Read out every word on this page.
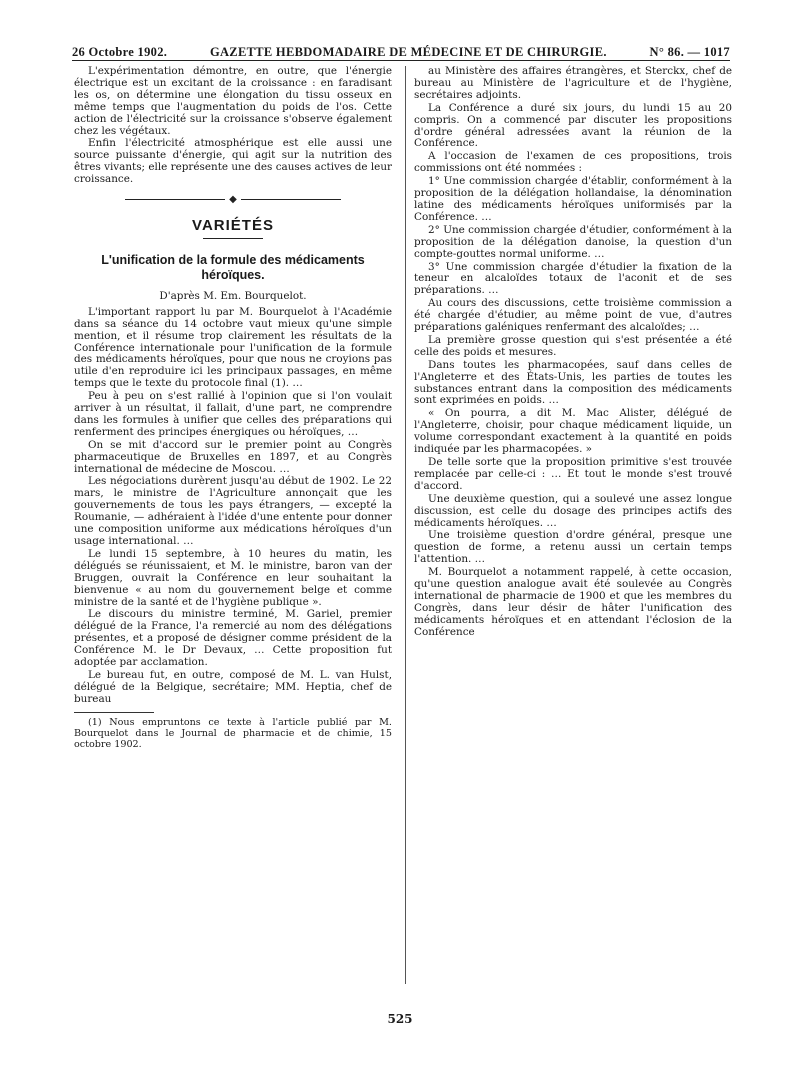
26 Octobre 1902.	GAZETTE HEBDOMADAIRE DE MÉDECINE ET DE CHIRURGIE.	N° 86. — 1017

L'expérimentation démontre, en outre, que l'énergie électrique est un excitant de la croissance : en faradisant les os, on détermine une élongation du tissu osseux en même temps que l'augmentation du poids de l'os. Cette action de l'électricité sur la croissance s'observe également chez les végétaux.

Enfin l'électricité atmosphérique est elle aussi une source puissante d'énergie, qui agit sur la nutrition des êtres vivants; elle représente une des causes actives de leur croissance.

◆
VARIÉTÉS
L'unification de la formule des médicaments héroïques.
D'après M. Em. Bourquelot.

L'important rapport lu par M. Bourquelot à l'Académie dans sa séance du 14 octobre vaut mieux qu'une simple mention, et il résume trop clairement les résultats de la Conférence internationale pour l'unification de la formule des médicaments héroïques, pour que nous ne croyions pas utile d'en reproduire ici les principaux passages, en même temps que le texte du protocole final (1). …

Peu à peu on s'est rallié à l'opinion que si l'on voulait arriver à un résultat, il fallait, d'une part, ne comprendre dans les formules à unifier que celles des préparations qui renferment des principes énergiques ou héroïques, …

On se mit d'accord sur le premier point au Congrès pharmaceutique de Bruxelles en 1897, et au Congrès international de médecine de Moscou. …

Les négociations durèrent jusqu'au début de 1902. Le 22 mars, le ministre de l'Agriculture annonçait que les gouvernements de tous les pays étrangers, — excepté la Roumanie, — adhéraient à l'idée d'une entente pour donner une composition uniforme aux médications héroïques d'un usage international. …

Le lundi 15 septembre, à 10 heures du matin, les délégués se réunissaient, et M. le ministre, baron van der Bruggen, ouvrait la Conférence en leur souhaitant la bienvenue « au nom du gouvernement belge et comme ministre de la santé et de l'hygiène publique ».

Le discours du ministre terminé, M. Gariel, premier délégué de la France, l'a remercié au nom des délégations présentes, et a proposé de désigner comme président de la Conférence M. le Dr Devaux, … Cette proposition fut adoptée par acclamation.

Le bureau fut, en outre, composé de M. L. van Hulst, délégué de la Belgique, secrétaire; MM. Heptia, chef de bureau

(1) Nous empruntons ce texte à l'article publié par M. Bourquelot dans le Journal de pharmacie et de chimie, 15 octobre 1902.

au Ministère des affaires étrangères, et Sterckx, chef de bureau au Ministère de l'agriculture et de l'hygiène, secrétaires adjoints.

La Conférence a duré six jours, du lundi 15 au 20 compris. On a commencé par discuter les propositions d'ordre général adressées avant la réunion de la Conférence.

A l'occasion de l'examen de ces propositions, trois commissions ont été nommées :

1° Une commission chargée d'établir, conformément à la proposition de la délégation hollandaise, la dénomination latine des médicaments héroïques uniformisés par la Conférence. …

2° Une commission chargée d'étudier, conformément à la proposition de la délégation danoise, la question d'un compte-gouttes normal uniforme. …

3° Une commission chargée d'étudier la fixation de la teneur en alcaloïdes totaux de l'aconit et de ses préparations. …

Au cours des discussions, cette troisième commission a été chargée d'étudier, au même point de vue, d'autres préparations galéniques renfermant des alcaloïdes; …

La première grosse question qui s'est présentée a été celle des poids et mesures.

Dans toutes les pharmacopées, sauf dans celles de l'Angleterre et des États-Unis, les parties de toutes les substances entrant dans la composition des médicaments sont exprimées en poids. …

« On pourra, a dit M. Mac Alister, délégué de l'Angleterre, choisir, pour chaque médicament liquide, un volume correspondant exactement à la quantité en poids indiquée par les pharmacopées. »

De telle sorte que la proposition primitive s'est trouvée remplacée par celle-ci : … Et tout le monde s'est trouvé d'accord.

Une deuxième question, qui a soulevé une assez longue discussion, est celle du dosage des principes actifs des médicaments héroïques. …

Une troisième question d'ordre général, presque une question de forme, a retenu aussi un certain temps l'attention. …

M. Bourquelot a notamment rappelé, à cette occasion, qu'une question analogue avait été soulevée au Congrès international de pharmacie de 1900 et que les membres du Congrès, dans leur désir de hâter l'unification des médicaments héroïques et en attendant l'éclosion de la Conférence

525
